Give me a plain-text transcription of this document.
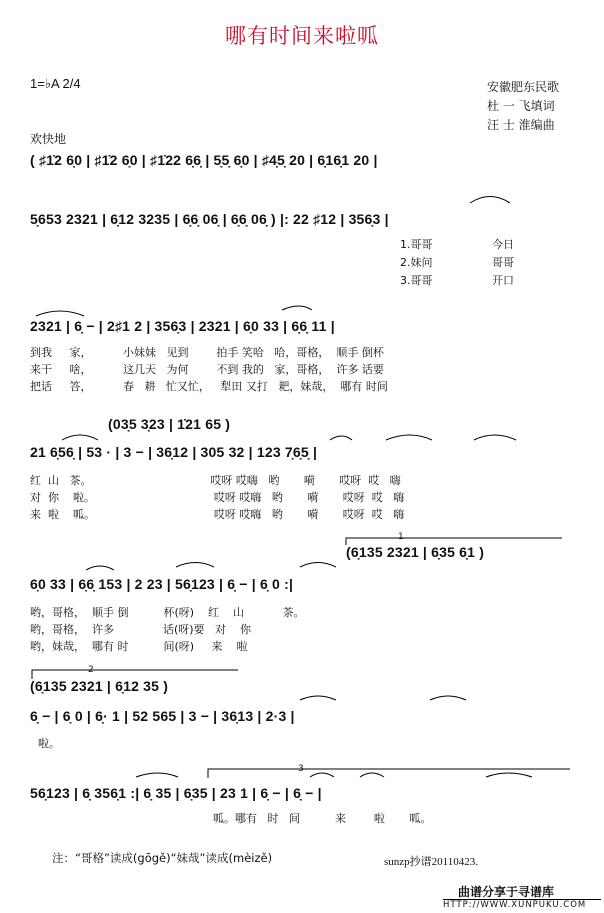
哪有时间来啦呱
1=♭A 2/4	安徽肥东民歌
杜 一 飞填词
汪 士 淮编曲
欢快地
( ♯1̇2 6̣0 | ♯1̇2 6̣0 | ♯1̇22 6̣6̣ | 5̣5̣ 6̣0 | ♯4̣5̣ 20 | 6̣16̣1 20 |
5̣653 2321 | 6̣12 3235 | 6̣6̣ 06̣ | 6̣6̣ 06̣ ) |: 22 ♯12 | 356̣3 |
1.哥哥
2.妹问
3.哥哥
今日
哥哥
开口
2321 | 6̣ − | 2♯1 2 | 356̣3 | 2321 | 6̣0 33 | 6̣6̣ 11 |
到我     家，         小妹妹   见到        拍手 笑哈   哈，哥格，  顺手 倒杯
来干     啥，         这几天   为何        不到 我的   家，哥格，  许多 话要
把话     答，         春   耕   忙又忙，   犁田 又打   耙，妹哉，  哪有 时间
(03̣5 3̣23 | 1̇21 65 )
21 6̣56̣ | 53 · | 3 − | 36̣12 | 305 32 | 123 7̣6̣5̣ |
红  山   茶。                                  哎呀 哎嗨   哟       嗬       哎呀  哎   嗨
对  你    啦。                                  哎呀 哎嗨   哟       嗬       哎呀  哎   嗨
来  啦    呱。                                  哎呀 哎嗨   哟       嗬       哎呀  哎   嗨
(6̣135 2321 | 6̣35 6̣1 )
6̣0 33 | 6̣6̣ 153 | 2 23 | 56̣123 | 6̣ − | 6̣ 0 :|
哟，哥格，  顺手 倒          杯(呀)    红    山           茶。
哟，哥格，  许多              话(呀)要   对    你
哟，妹哉，  哪有 时          间(呀)     来    啦
(6̣135 2321 | 6̣12 35 )
6̣ − | 6̣ 0 | 6̣· 1 | 52 565 | 3 − | 36̣13 | 2·3 |
啦。
56̣123 | 6̣ 356̣1 :| 6̣ 35 | 6̣35 | 23 1 | 6̣ − | 6̣ − |
呱。哪有   时   间          来        啦       呱。
1
2
3
注：“哥格”读成(gōgě)“妹哉”读成(mèizě)	sunzp抄谱20110423.
曲谱分享于寻谱库
HTTP://WWW.XUNPUKU.COM
